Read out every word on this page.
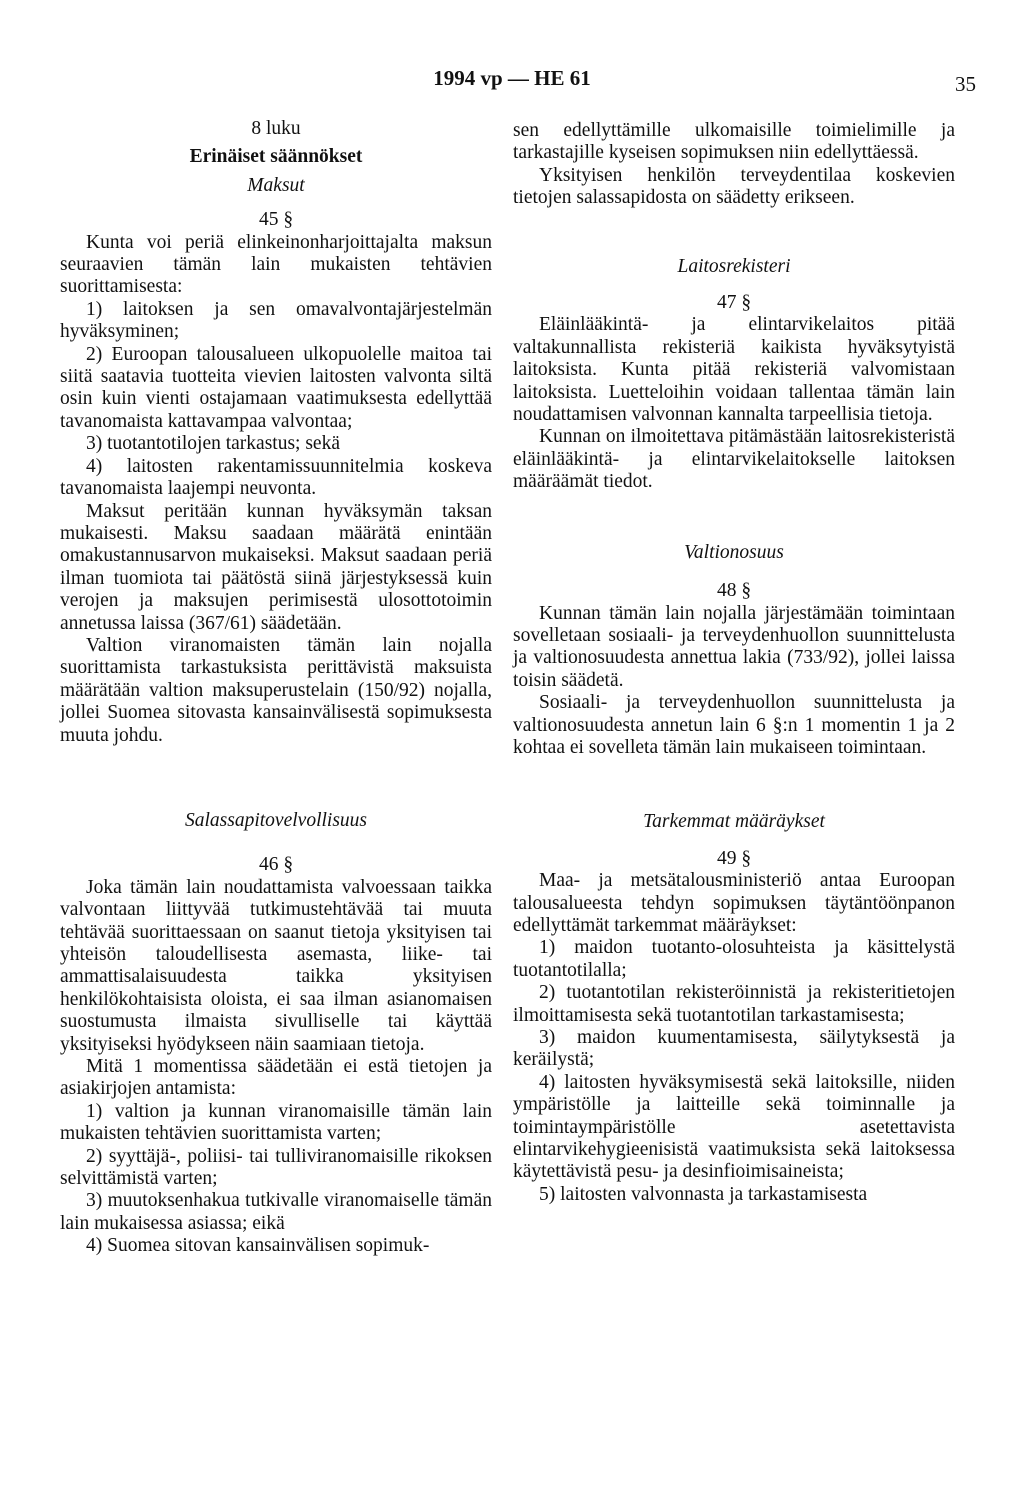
1994 vp — HE 61	35

8 luku

Erinäiset säännökset

Maksut

45 §

Kunta voi periä elinkeinonharjoittajalta maksun seuraavien tämän lain mukaisten tehtävien suorittamisesta:

1) laitoksen ja sen omavalvontajärjestelmän hyväksyminen;

2) Euroopan talousalueen ulkopuolelle maitoa tai siitä saatavia tuotteita vievien laitosten valvonta siltä osin kuin vienti ostajamaan vaatimuksesta edellyttää tavanomaista kattavampaa valvontaa;

3) tuotantotilojen tarkastus; sekä

4) laitosten rakentamissuunnitelmia koskeva tavanomaista laajempi neuvonta.

Maksut peritään kunnan hyväksymän taksan mukaisesti. Maksu saadaan määrätä enintään omakustannusarvon mukaiseksi. Maksut saadaan periä ilman tuomiota tai päätöstä siinä järjestyksessä kuin verojen ja maksujen perimisestä ulosottotoimin annetussa laissa (367/61) säädetään.

Valtion viranomaisten tämän lain nojalla suorittamista tarkastuksista perittävistä maksuista määrätään valtion maksuperustelain (150/92) nojalla, jollei Suomea sitovasta kansainvälisestä sopimuksesta muuta johdu.

Salassapitovelvollisuus

46 §

Joka tämän lain noudattamista valvoessaan taikka valvontaan liittyvää tutkimustehtävää tai muuta tehtävää suorittaessaan on saanut tietoja yksityisen tai yhteisön taloudellisesta asemasta, liike- tai ammattisalaisuudesta taikka yksityisen henkilökohtaisista oloista, ei saa ilman asianomaisen suostumusta ilmaista sivulliselle tai käyttää yksityiseksi hyödykseen näin saamiaan tietoja.

Mitä 1 momentissa säädetään ei estä tietojen ja asiakirjojen antamista:

1) valtion ja kunnan viranomaisille tämän lain mukaisten tehtävien suorittamista varten;

2) syyttäjä-, poliisi- tai tulliviranomaisille rikoksen selvittämistä varten;

3) muutoksenhakua tutkivalle viranomaiselle tämän lain mukaisessa asiassa; eikä

4) Suomea sitovan kansainvälisen sopimuk-

sen edellyttämille ulkomaisille toimielimille ja tarkastajille kyseisen sopimuksen niin edellyttäessä.

Yksityisen henkilön terveydentilaa koskevien tietojen salassapidosta on säädetty erikseen.

Laitosrekisteri

47 §

Eläinlääkintä- ja elintarvikelaitos pitää valtakunnallista rekisteriä kaikista hyväksytyistä laitoksista. Kunta pitää rekisteriä valvomistaan laitoksista. Luetteloihin voidaan tallentaa tämän lain noudattamisen valvonnan kannalta tarpeellisia tietoja.

Kunnan on ilmoitettava pitämästään laitosrekisteristä eläinlääkintä- ja elintarvikelaitokselle laitoksen määräämät tiedot.

Valtionosuus

48 §

Kunnan tämän lain nojalla järjestämään toimintaan sovelletaan sosiaali- ja terveydenhuollon suunnittelusta ja valtionosuudesta annettua lakia (733/92), jollei laissa toisin säädetä.

Sosiaali- ja terveydenhuollon suunnittelusta ja valtionosuudesta annetun lain 6 §:n 1 momentin 1 ja 2 kohtaa ei sovelleta tämän lain mukaiseen toimintaan.

Tarkemmat määräykset

49 §

Maa- ja metsätalousministeriö antaa Euroopan talousalueesta tehdyn sopimuksen täytäntöönpanon edellyttämät tarkemmat määräykset:

1) maidon tuotanto-olosuhteista ja käsittelystä tuotantotilalla;

2) tuotantotilan rekisteröinnistä ja rekisteritietojen ilmoittamisesta sekä tuotantotilan tarkastamisesta;

3) maidon kuumentamisesta, säilytyksestä ja keräilystä;

4) laitosten hyväksymisestä sekä laitoksille, niiden ympäristölle ja laitteille sekä toiminnalle ja toimintaympäristölle asetettavista elintarvikehygieenisistä vaatimuksista sekä laitoksessa käytettävistä pesu- ja desinfioimisaineista;

5) laitosten valvonnasta ja tarkastamisesta
